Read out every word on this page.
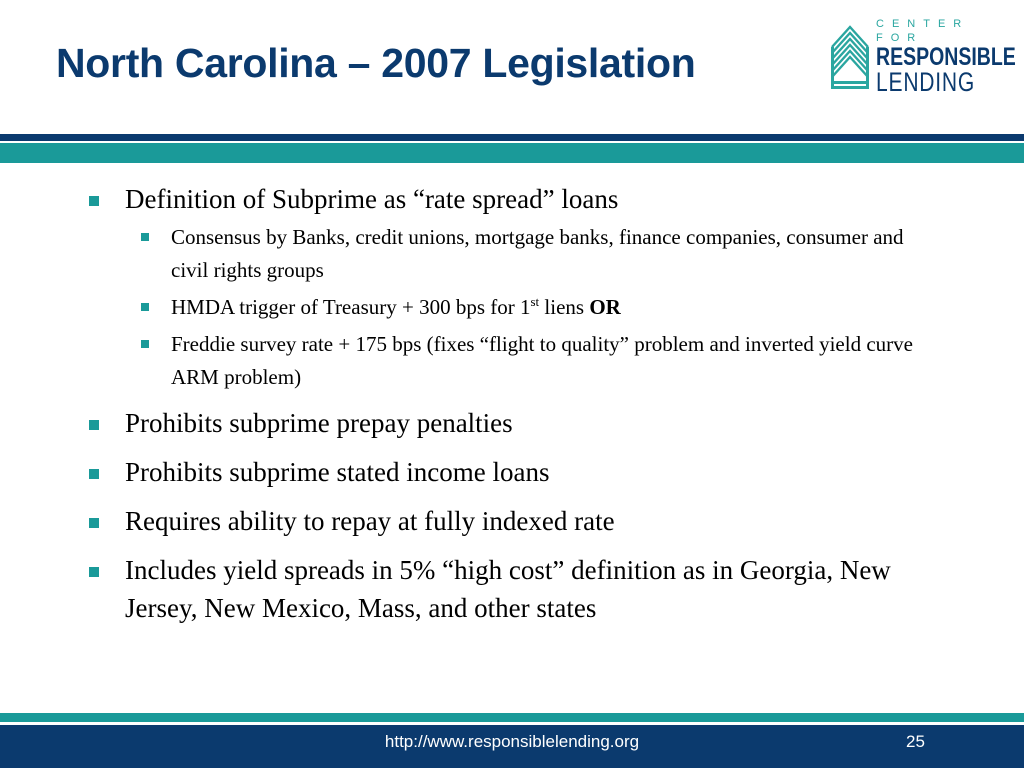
North Carolina – 2007 Legislation
CENTER FOR
RESPONSIBLE
LENDING
Definition of Subprime as “rate spread” loans
Consensus by Banks, credit unions, mortgage banks, finance companies, consumer and civil rights groups
HMDA trigger of Treasury + 300 bps for 1st liens OR
Freddie survey rate + 175 bps (fixes “flight to quality” problem and inverted yield curve ARM problem)
Prohibits subprime prepay penalties
Prohibits subprime stated income loans
Requires ability to repay at fully indexed rate
Includes yield spreads in 5% “high cost” definition as in Georgia, New Jersey, New Mexico, Mass, and other states
http://www.responsiblelending.org	25
